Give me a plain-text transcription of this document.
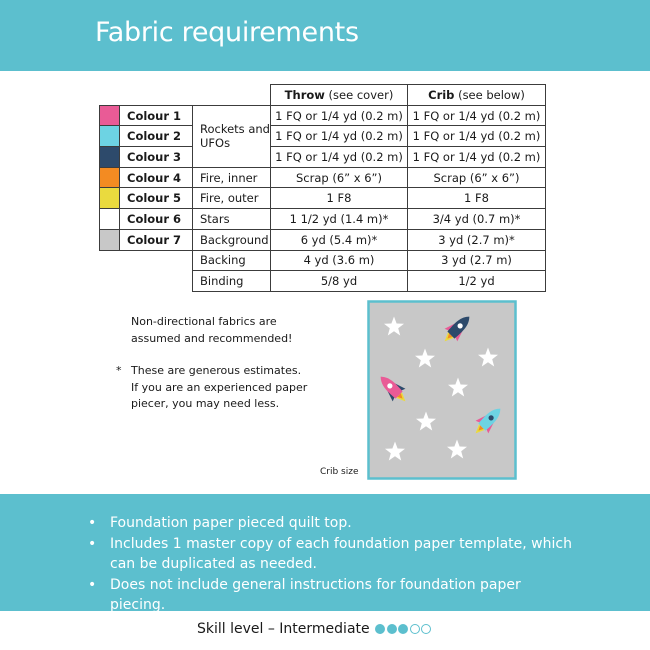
Fabric requirements
			Throw (see cover)	Crib (see below)
	Colour 1	Rockets and UFOs	1 FQ or 1/4 yd (0.2 m)	1 FQ or 1/4 yd (0.2 m)
	Colour 2		1 FQ or 1/4 yd (0.2 m)	1 FQ or 1/4 yd (0.2 m)
	Colour 3		1 FQ or 1/4 yd (0.2 m)	1 FQ or 1/4 yd (0.2 m)
	Colour 4	Fire, inner	Scrap (6” x 6”)	Scrap (6” x 6”)
	Colour 5	Fire, outer	1 F8	1 F8
	Colour 6	Stars	1 1/2 yd (1.4 m)*	3/4 yd (0.7 m)*
	Colour 7	Background	6 yd (5.4 m)*	3 yd (2.7 m)*
		Backing	4 yd (3.6 m)	3 yd (2.7 m)
		Binding	5/8 yd	1/2 yd
Non-directional fabrics are assumed and recommended!
* These are generous estimates. If you are an experienced paper piecer, you may need less.
Crib size
• Foundation paper pieced quilt top.
• Includes 1 master copy of each foundation paper template, which can be duplicated as needed.
• Does not include general instructions for foundation paper piecing.
Skill level – Intermediate
